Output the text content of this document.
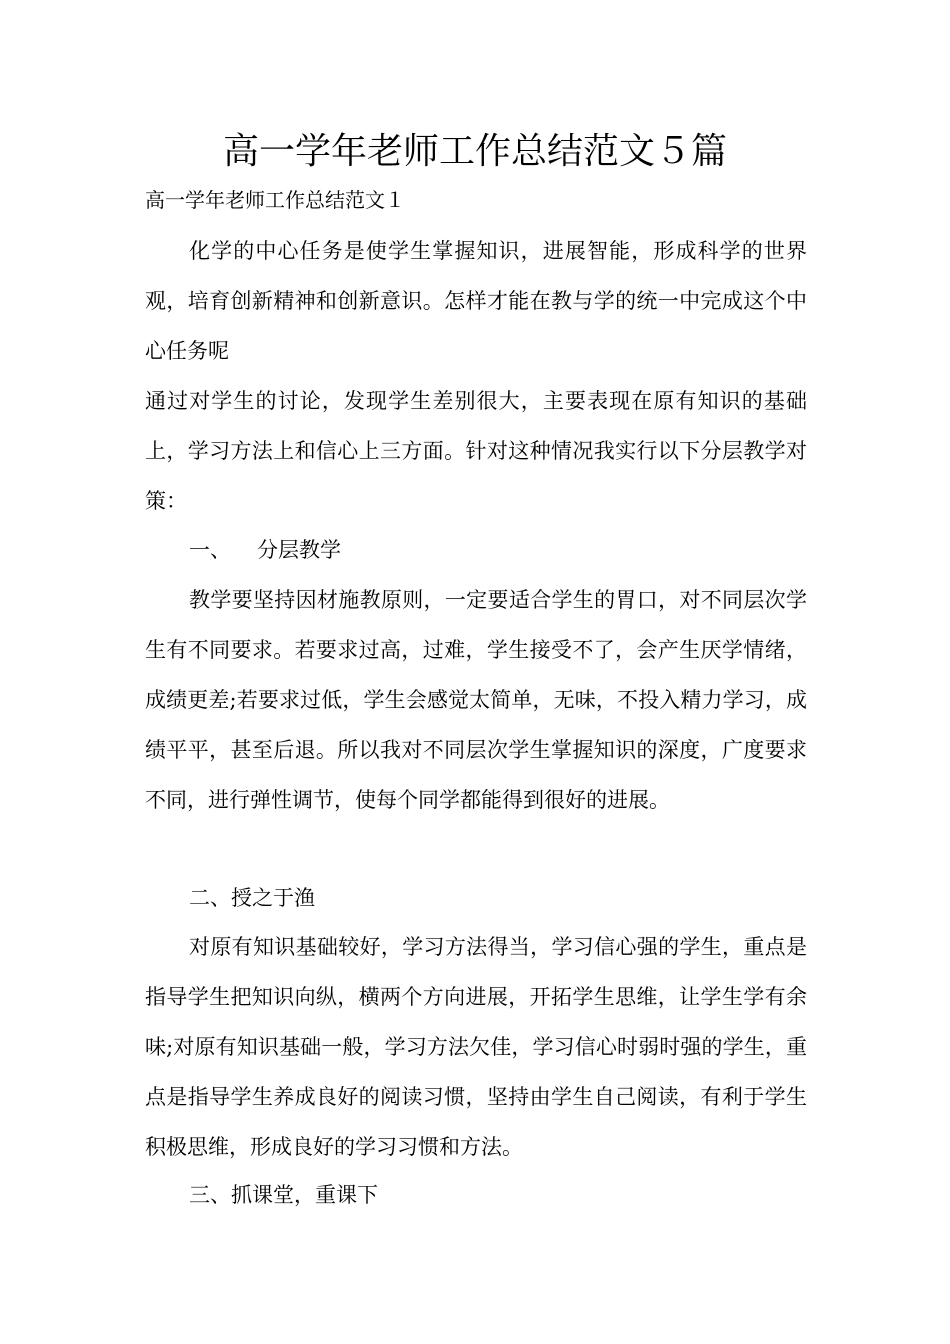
高一学年老师工作总结范文５篇

高一学年老师工作总结范文１

化学的中心任务是使学生掌握知识，进展智能，形成科学的世界观，培育创新精神和创新意识。怎样才能在教与学的统一中完成这个中心任务呢

通过对学生的讨论，发现学生差别很大，主要表现在原有知识的基础上，学习方法上和信心上三方面。针对这种情况我实行以下分层教学对策：

一、 分层教学

教学要坚持因材施教原则，一定要适合学生的胃口，对不同层次学生有不同要求。若要求过高，过难，学生接受不了，会产生厌学情绪，成绩更差;若要求过低，学生会感觉太简单，无味，不投入精力学习，成绩平平，甚至后退。所以我对不同层次学生掌握知识的深度，广度要求不同，进行弹性调节，使每个同学都能得到很好的进展。

二、授之于渔

对原有知识基础较好，学习方法得当，学习信心强的学生，重点是指导学生把知识向纵，横两个方向进展，开拓学生思维，让学生学有余味;对原有知识基础一般，学习方法欠佳，学习信心时弱时强的学生，重点是指导学生养成良好的阅读习惯，坚持由学生自己阅读，有利于学生积极思维，形成良好的学习习惯和方法。

三、抓课堂，重课下
